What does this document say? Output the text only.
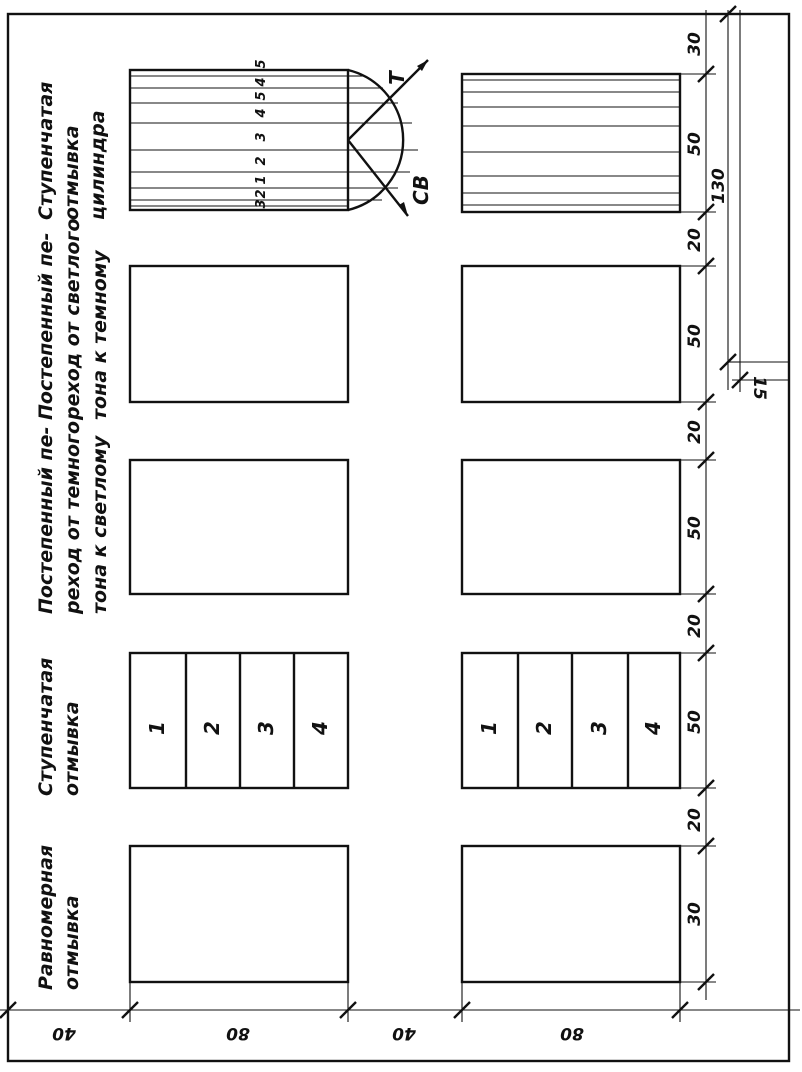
Равномерная отмывка
Ступенчатая отмывка
Постепенный пе- реход от темного тона к светлому
Постепенный пе- реход от светлого тона к темному
Ступенчатая отмывка цилиндра
1 2 3 4	1 2 3 4
3
2
1
2
3
4
5
4
5
T
CB
30
50
20
50
20
50
20
50
20
30
130
15
40	80	40	80
